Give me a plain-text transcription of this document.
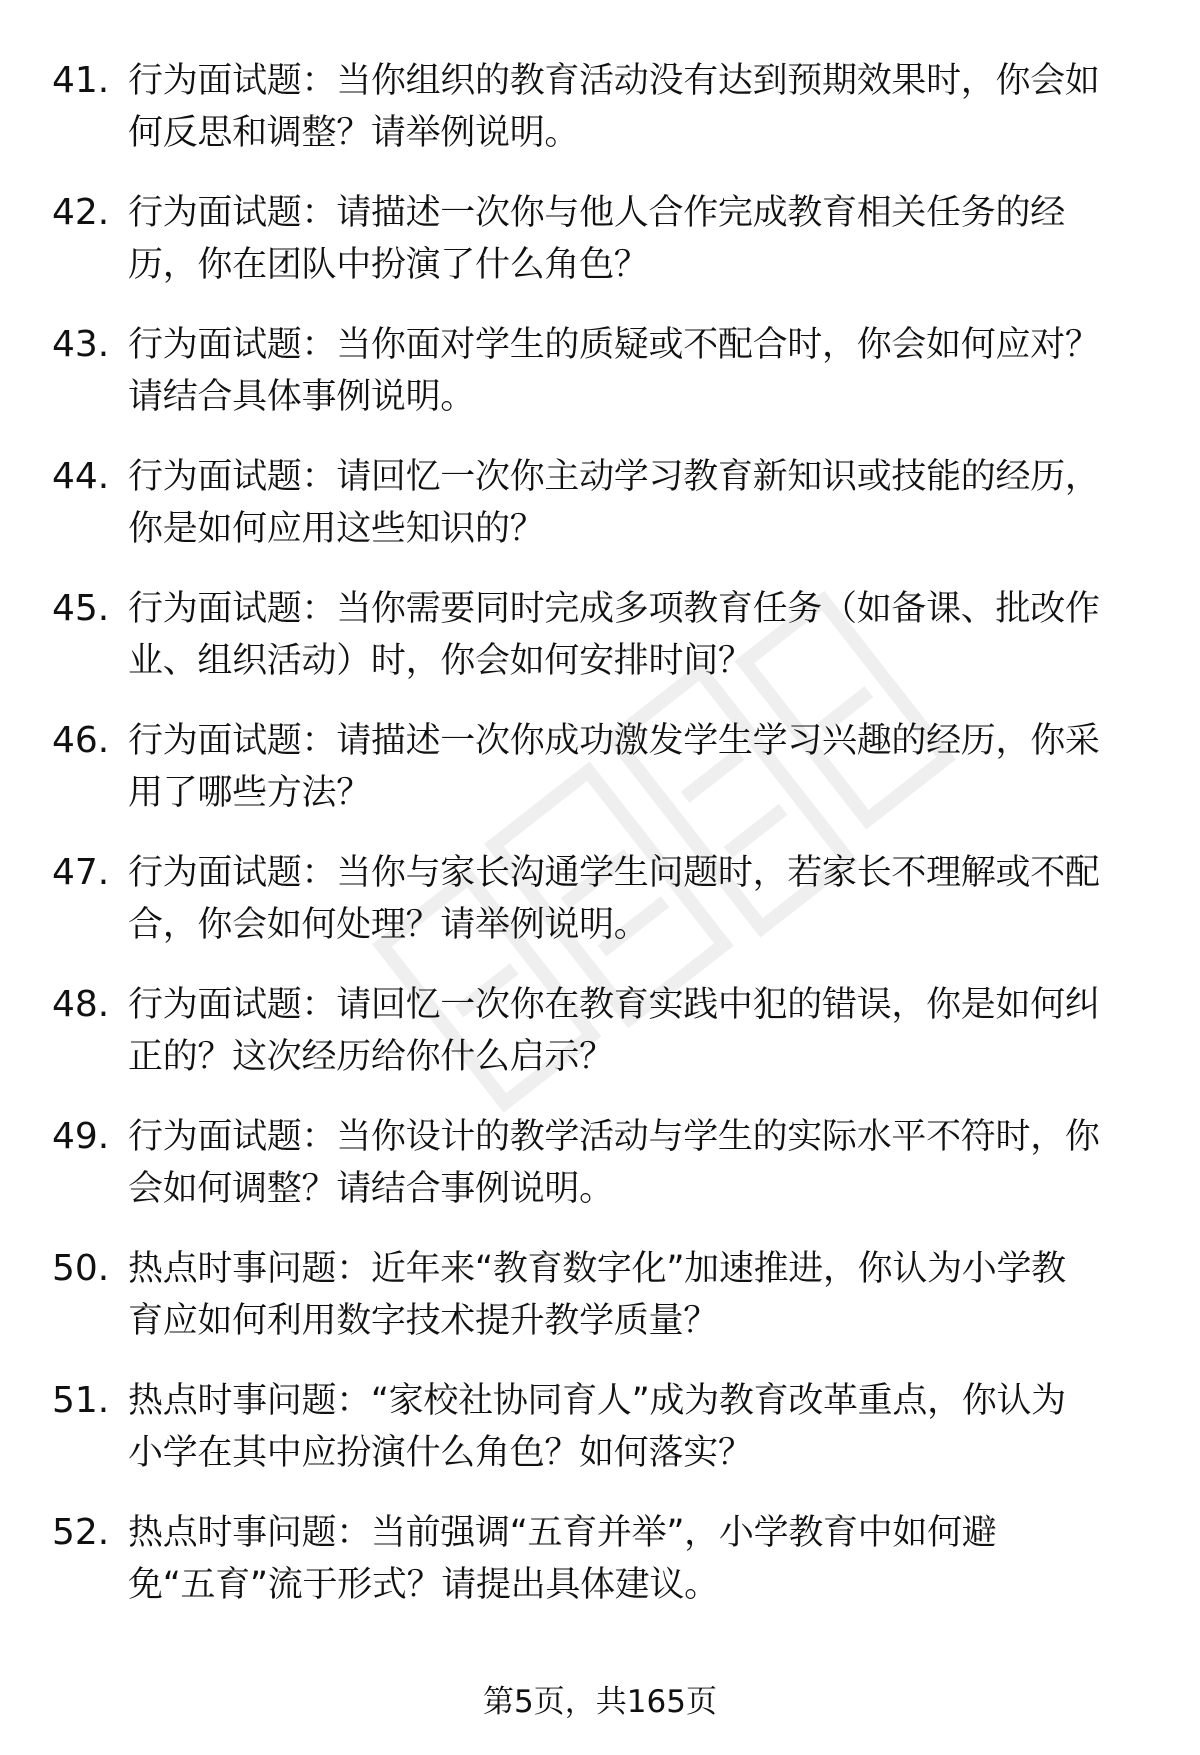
41. 行为面试题：当你组织的教育活动没有达到预期效果时，你会如
何反思和调整？请举例说明。
42. 行为面试题：请描述一次你与他人合作完成教育相关任务的经
历，你在团队中扮演了什么角色？
43. 行为面试题：当你面对学生的质疑或不配合时，你会如何应对？
请结合具体事例说明。
44. 行为面试题：请回忆一次你主动学习教育新知识或技能的经历，
你是如何应用这些知识的？
45. 行为面试题：当你需要同时完成多项教育任务（如备课、批改作
业、组织活动）时，你会如何安排时间？
46. 行为面试题：请描述一次你成功激发学生学习兴趣的经历，你采
用了哪些方法？
47. 行为面试题：当你与家长沟通学生问题时，若家长不理解或不配
合，你会如何处理？请举例说明。
48. 行为面试题：请回忆一次你在教育实践中犯的错误，你是如何纠
正的？这次经历给你什么启示？
49. 行为面试题：当你设计的教学活动与学生的实际水平不符时，你
会如何调整？请结合事例说明。
50. 热点时事问题：近年来“教育数字化”加速推进，你认为小学教
育应如何利用数字技术提升教学质量？
51. 热点时事问题：“家校社协同育人”成为教育改革重点，你认为
小学在其中应扮演什么角色？如何落实？
52. 热点时事问题：当前强调“五育并举”，小学教育中如何避
免“五育”流于形式？请提出具体建议。
第5页，共165页
